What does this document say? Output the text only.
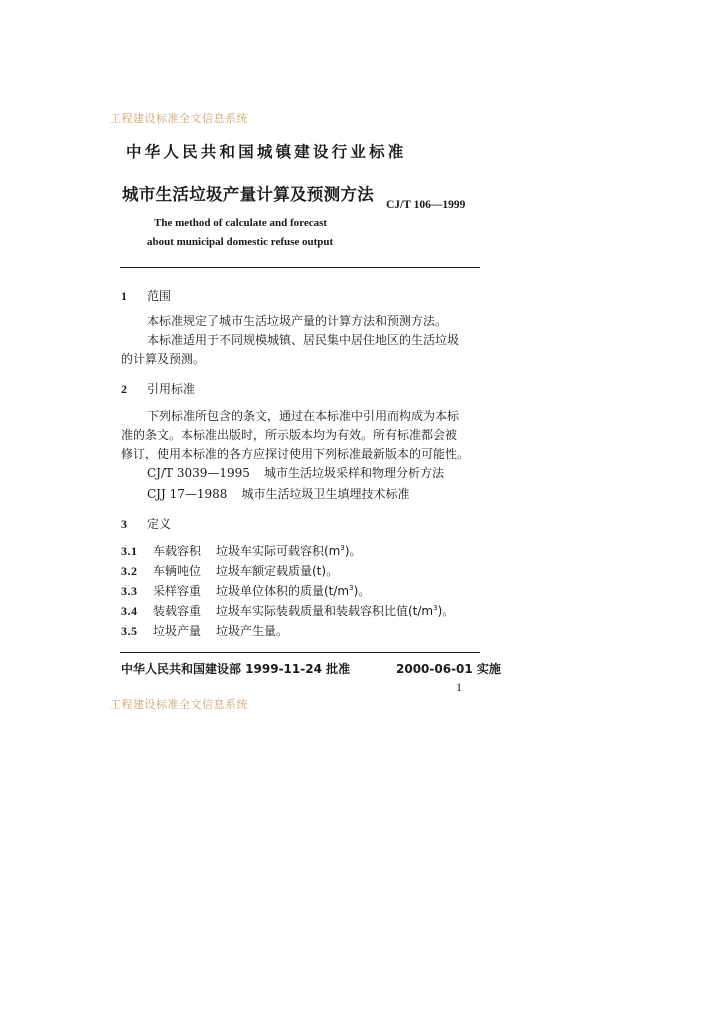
工程建设标准全文信息系统
中华人民共和国城镇建设行业标准
城市生活垃圾产量计算及预测方法
CJ/T 106—1999
The method of calculate and forecast
about municipal domestic refuse output
1 范围
本标准规定了城市生活垃圾产量的计算方法和预测方法。
本标准适用于不同规模城镇、居民集中居住地区的生活垃圾
的计算及预测。
2 引用标准
下列标准所包含的条文，通过在本标准中引用而构成为本标
准的条文。本标准出版时，所示版本均为有效。所有标准都会被
修订，使用本标准的各方应探讨使用下列标准最新版本的可能性。
CJ/T 3039—1995 城市生活垃圾采样和物理分析方法
CJJ 17—1988 城市生活垃圾卫生填埋技术标准
3 定义
3.1 车载容积 垃圾车实际可载容积$(m^3)$。
3.2 车辆吨位 垃圾车额定载质量(t)。
3.3 采样容重 垃圾单位体积的质量$(t/m^3)$。
3.4 装载容重 垃圾车实际装载质量和装载容积比值$(t/m^3)$。
3.5 垃圾产量 垃圾产生量。
中华人民共和国建设部 1999-11-24 批准	2000-06-01 实施
1
工程建设标准全文信息系统
